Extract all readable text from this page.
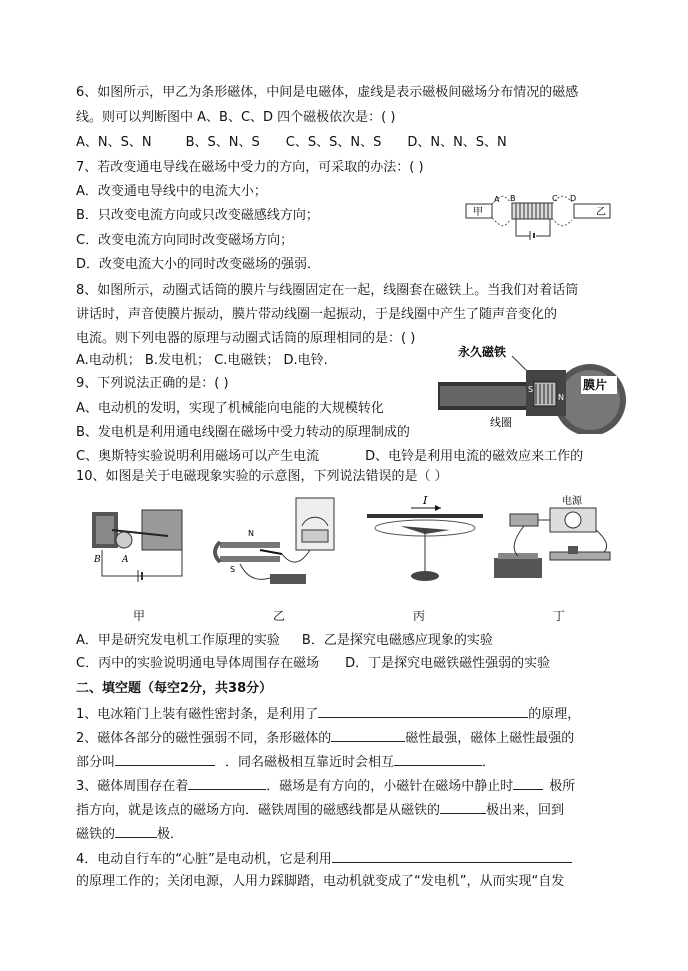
6、如图所示，甲乙为条形磁体，中间是电磁体，虚线是表示磁极间磁场分布情况的磁感
线。则可以判断图中 A、B、C、D 四个磁极依次是：( )
A、N、S、N	B、S、N、S C、S、S、N、S D、N、N、S、N
7、若改变通电导线在磁场中受力的方向，可采取的办法：( )
A．改变通电导线中的电流大小；
B．只改变电流方向或只改变磁感线方向；
C．改变电流方向同时改变磁场方向；
D．改变电流大小的同时改变磁场的强弱．
甲
A B	C D
乙
8、如图所示，动圈式话筒的膜片与线圈固定在一起，线圈套在磁铁上。当我们对着话筒
讲话时，声音使膜片振动，膜片带动线圈一起振动，于是线圈中产生了随声音变化的
电流。则下列电器的原理与动圈式话筒的原理相同的是：( )
A.电动机； B.发电机； C.电磁铁； D.电铃.
永久磁铁
S
N
膜片
线圈
9、下列说法正确的是：( )
A、电动机的发明，实现了机械能向电能的大规模转化
B、发电机是利用通电线圈在磁场中受力转动的原理制成的
C、奥斯特实验说明利用磁场可以产生电流	D、电铃是利用电流的磁效应来工作的
10、如图是关于电磁现象实验的示意图，下列说法错误的是（ ）
B A
甲
N
S
乙
I
丙
电源
丁
A．甲是研究发电机工作原理的实验 B．乙是探究电磁感应现象的实验
C．丙中的实验说明通电导体周围存在磁场 D．丁是探究电磁铁磁性强弱的实验
二、填空题（每空2分，共38分）
1、电冰箱门上装有磁性密封条，是利用了	的原理，
2、磁体各部分的磁性强弱不同，条形磁体的	磁性最强，磁体上磁性最强的
部分叫	．同名磁极相互靠近时会相互	．
3、磁体周围存在着	．磁场是有方向的，小磁针在磁场中静止时	极所
指方向，就是该点的磁场方向．磁铁周围的磁感线都是从磁铁的	极出来，回到
磁铁的	极．
4．电动自行车的“心脏”是电动机，它是利用
的原理工作的；关闭电源，人用力踩脚踏，电动机就变成了“发电机”，从而实现“自发
